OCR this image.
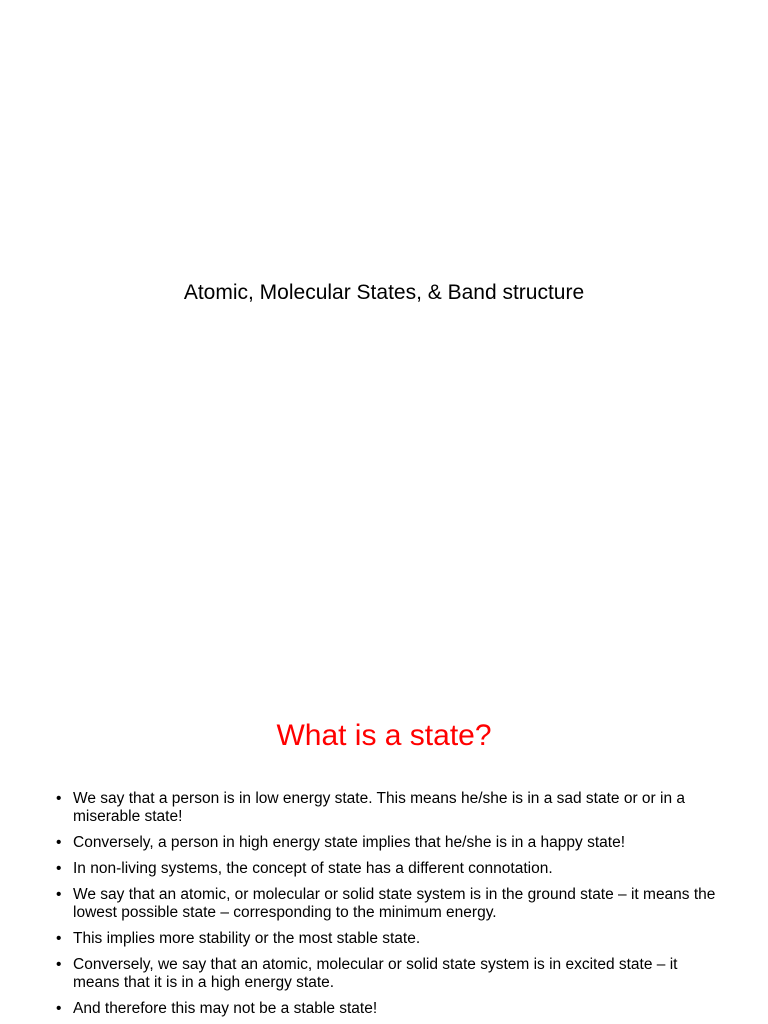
Atomic, Molecular States, & Band structure
What is a state?
• We say that a person is in low energy state. This means he/she is in a sad state or or in a miserable state!
• Conversely, a person in high energy state implies that he/she is in a happy state!
• In non-living systems, the concept of state has a different connotation.
• We say that an atomic, or molecular or solid state system is in the ground state – it means the lowest possible state – corresponding to the minimum energy.
• This implies more stability or the most stable state.
• Conversely, we say that an atomic, molecular or solid state system is in excited state – it means that it is in a high energy state.
• And therefore this may not be a stable state!
